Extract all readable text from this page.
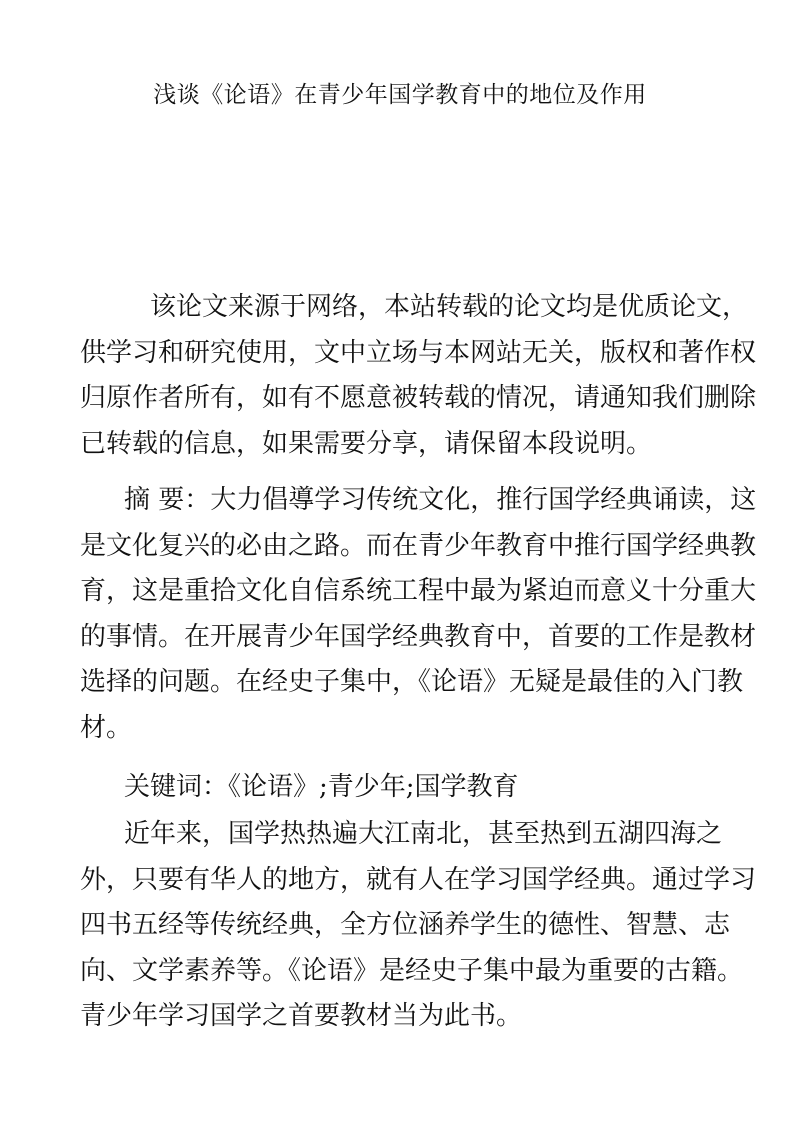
浅谈《论语》在青少年国学教育中的地位及作用
该论文来源于网络，本站转载的论文均是优质论文，
供学习和研究使用，文中立场与本网站无关，版权和著作权
归原作者所有，如有不愿意被转载的情况，请通知我们删除
已转载的信息，如果需要分享，请保留本段说明。
摘 要：大力倡導学习传统文化，推行国学经典诵读，这
是文化复兴的必由之路。而在青少年教育中推行国学经典教
育，这是重拾文化自信系统工程中最为紧迫而意义十分重大
的事情。在开展青少年国学经典教育中，首要的工作是教材
选择的问题。在经史子集中，《论语》无疑是最佳的入门教
材。
关键词：《论语》;青少年;国学教育
近年来，国学热热遍大江南北，甚至热到五湖四海之
外，只要有华人的地方，就有人在学习国学经典。通过学习
四书五经等传统经典，全方位涵养学生的德性、智慧、志
向、文学素养等。《论语》是经史子集中最为重要的古籍。
青少年学习国学之首要教材当为此书。
